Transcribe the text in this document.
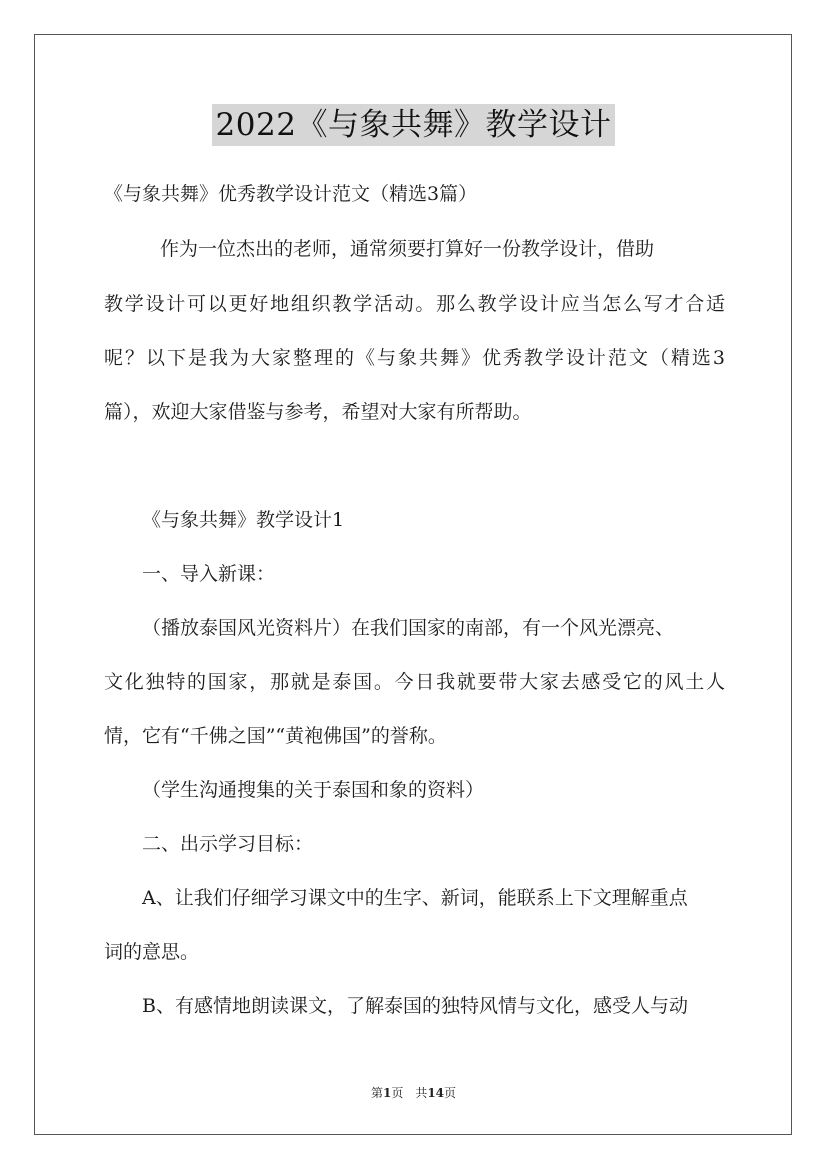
2022《与象共舞》教学设计
《与象共舞》优秀教学设计范文（精选3篇）
作为一位杰出的老师，通常须要打算好一份教学设计，借助
教学设计可以更好地组织教学活动。那么教学设计应当怎么写才合适
呢？以下是我为大家整理的《与象共舞》优秀教学设计范文（精选3
篇），欢迎大家借鉴与参考，希望对大家有所帮助。
《与象共舞》教学设计1
一、导入新课：
（播放泰国风光资料片）在我们国家的南部，有一个风光漂亮、
文化独特的国家，那就是泰国。今日我就要带大家去感受它的风土人
情，它有“千佛之国”“黄袍佛国”的誉称。
（学生沟通搜集的关于泰国和象的资料）
二、出示学习目标：
A、让我们仔细学习课文中的生字、新词，能联系上下文理解重点
词的意思。
B、有感情地朗读课文，了解泰国的独特风情与文化，感受人与动
第1页　共14页
